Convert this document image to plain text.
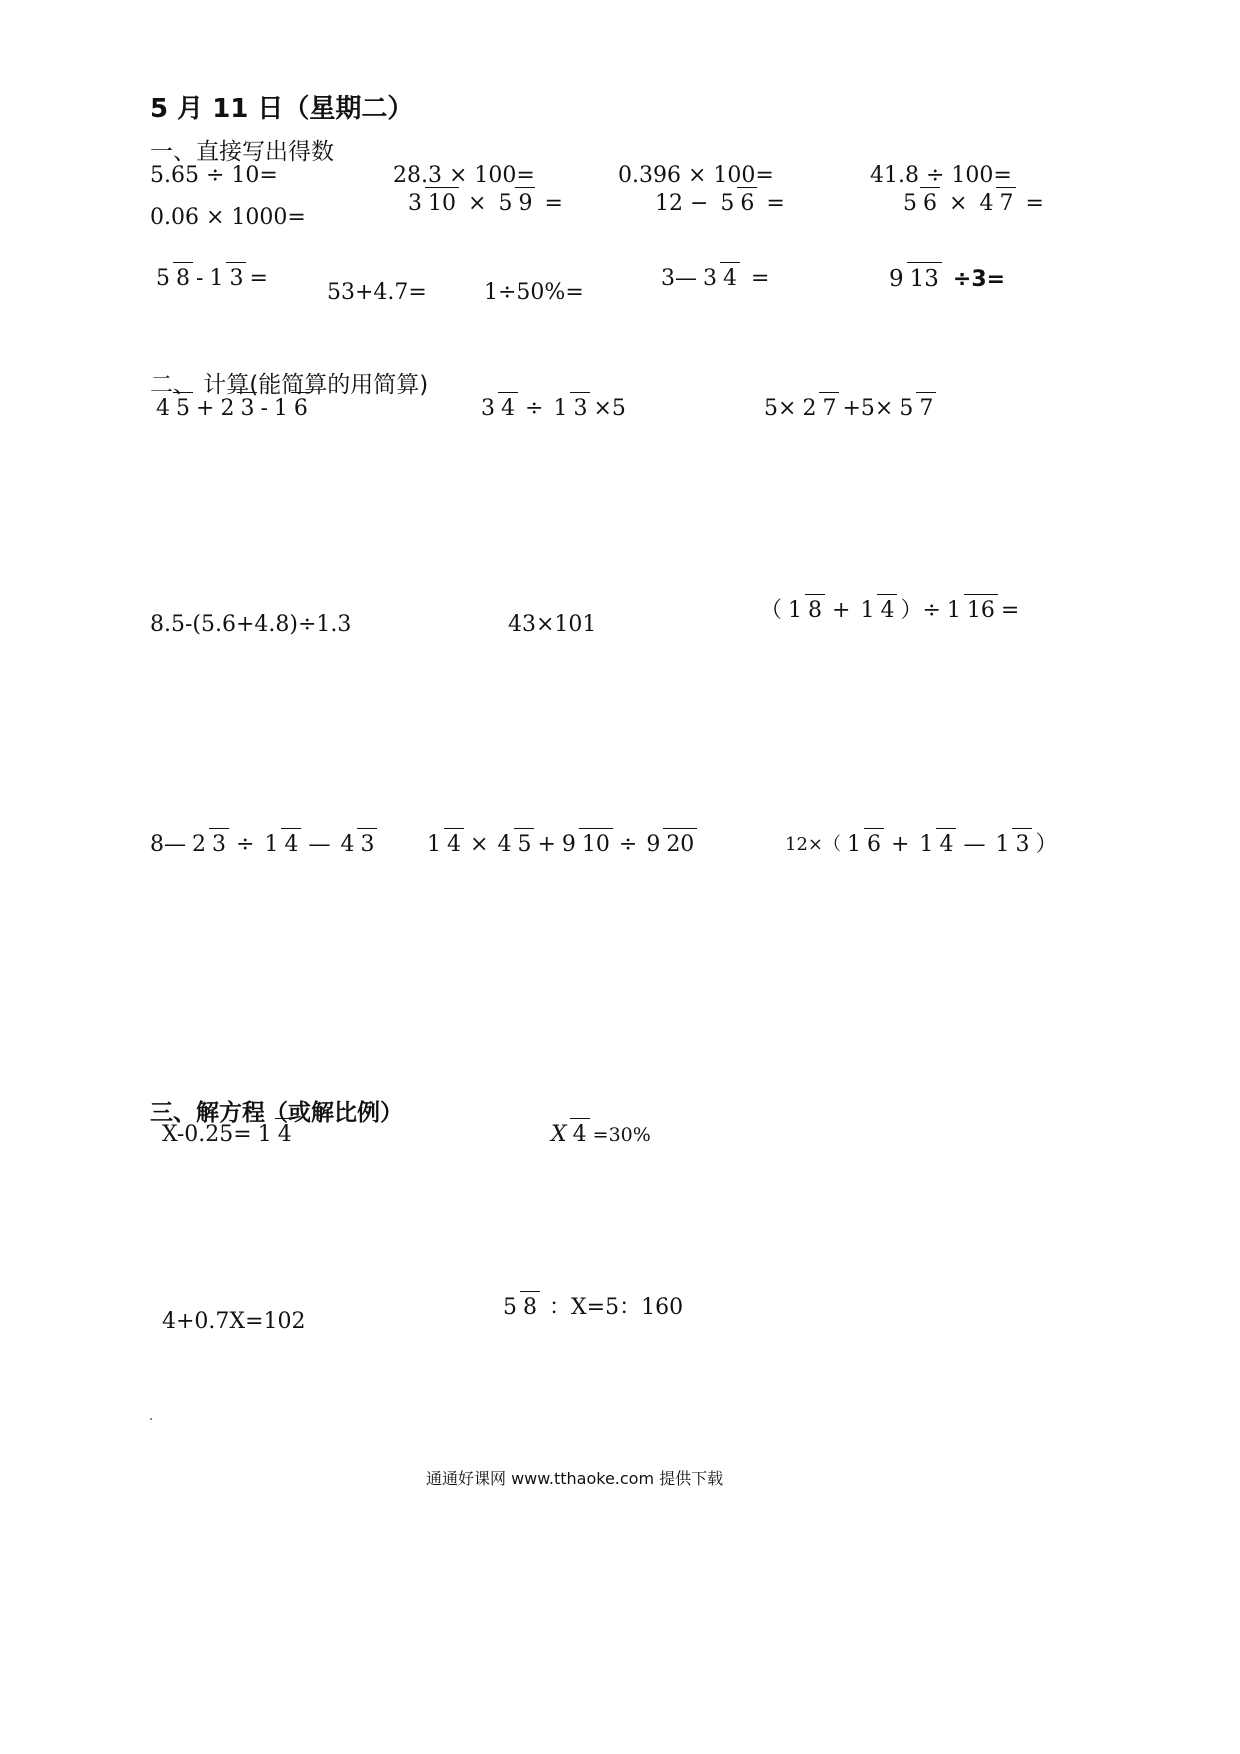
5 月 11 日（星期二）
一、直接写出得数
5.65 ÷ 10=	28.3 × 100=	0.396 × 100=	41.8 ÷ 100=
0.06 × 1000=
3 10 × 5 9 =	12 − 5 6 =	5 6 × 4 7 =
5 8 - 1 3 =
53+4.7=	1÷50%=
3— 3 4 =	9 13 ÷3=
二、 计算(能简算的用简算)
4 5 + 2 3 - 1 6	3 4 ÷ 1 3 ×5	5× 2 7 +5× 5 7
8.5-(5.6+4.8)÷1.3	43×101
（ 1 8 + 1 4 ）÷ 1 16 =
8— 2 3 ÷ 1 4 — 4 3 1 4 × 4 5 + 9 10 ÷ 9 20	12×（ 1 6 + 1 4 — 1 3 ）
三、解方程（或解比例）
X-0.25= 1 4	X 4 =30%
4+0.7X=102
5 8 ：X=5：160
通通好课网 www.tthaoke.com 提供下载
